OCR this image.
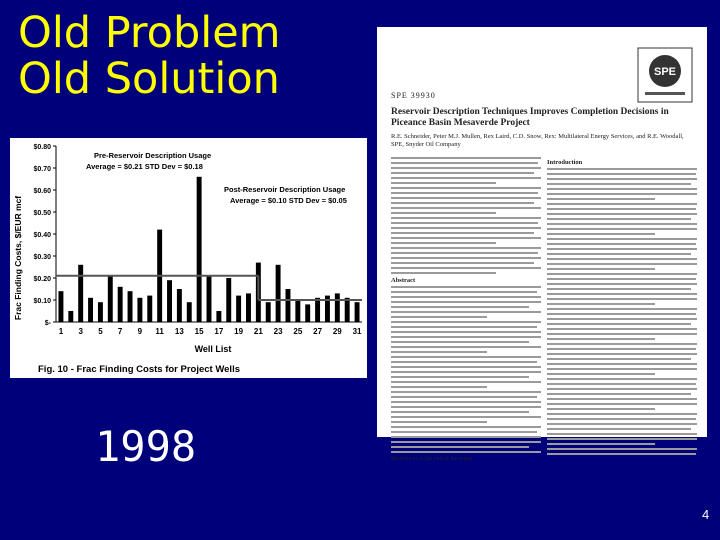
Old Problem
Old Solution
$-
$0.10
$0.20
$0.30
$0.40
$0.50
$0.60
$0.70
$0.80
1 3 5 7 9 11 13 15 17 19 21 23 25 27 29 31
Pre-Reservoir Description Usage
Average = $0.21 STD Dev = $0.18
Post-Reservoir Description Usage
Average = $0.10 STD Dev = $0.05
Frac Finding Costs, $/EUR mcf
Well List
Fig. 10 - Frac Finding Costs for Project Wells
SPE
SPE 39930
Reservoir Description Techniques Improves Completion Decisions in Piceance Basin Mesaverde Project
R.E. Schneider, Peter M.J. Mullen, Rex Laird, C.D. Snow, Rex: Multilateral Energy Services, and R.E. Woodall, SPE, Snyder Oil Company
Abstract
References at the end of the paper
Introduction
1998
4
